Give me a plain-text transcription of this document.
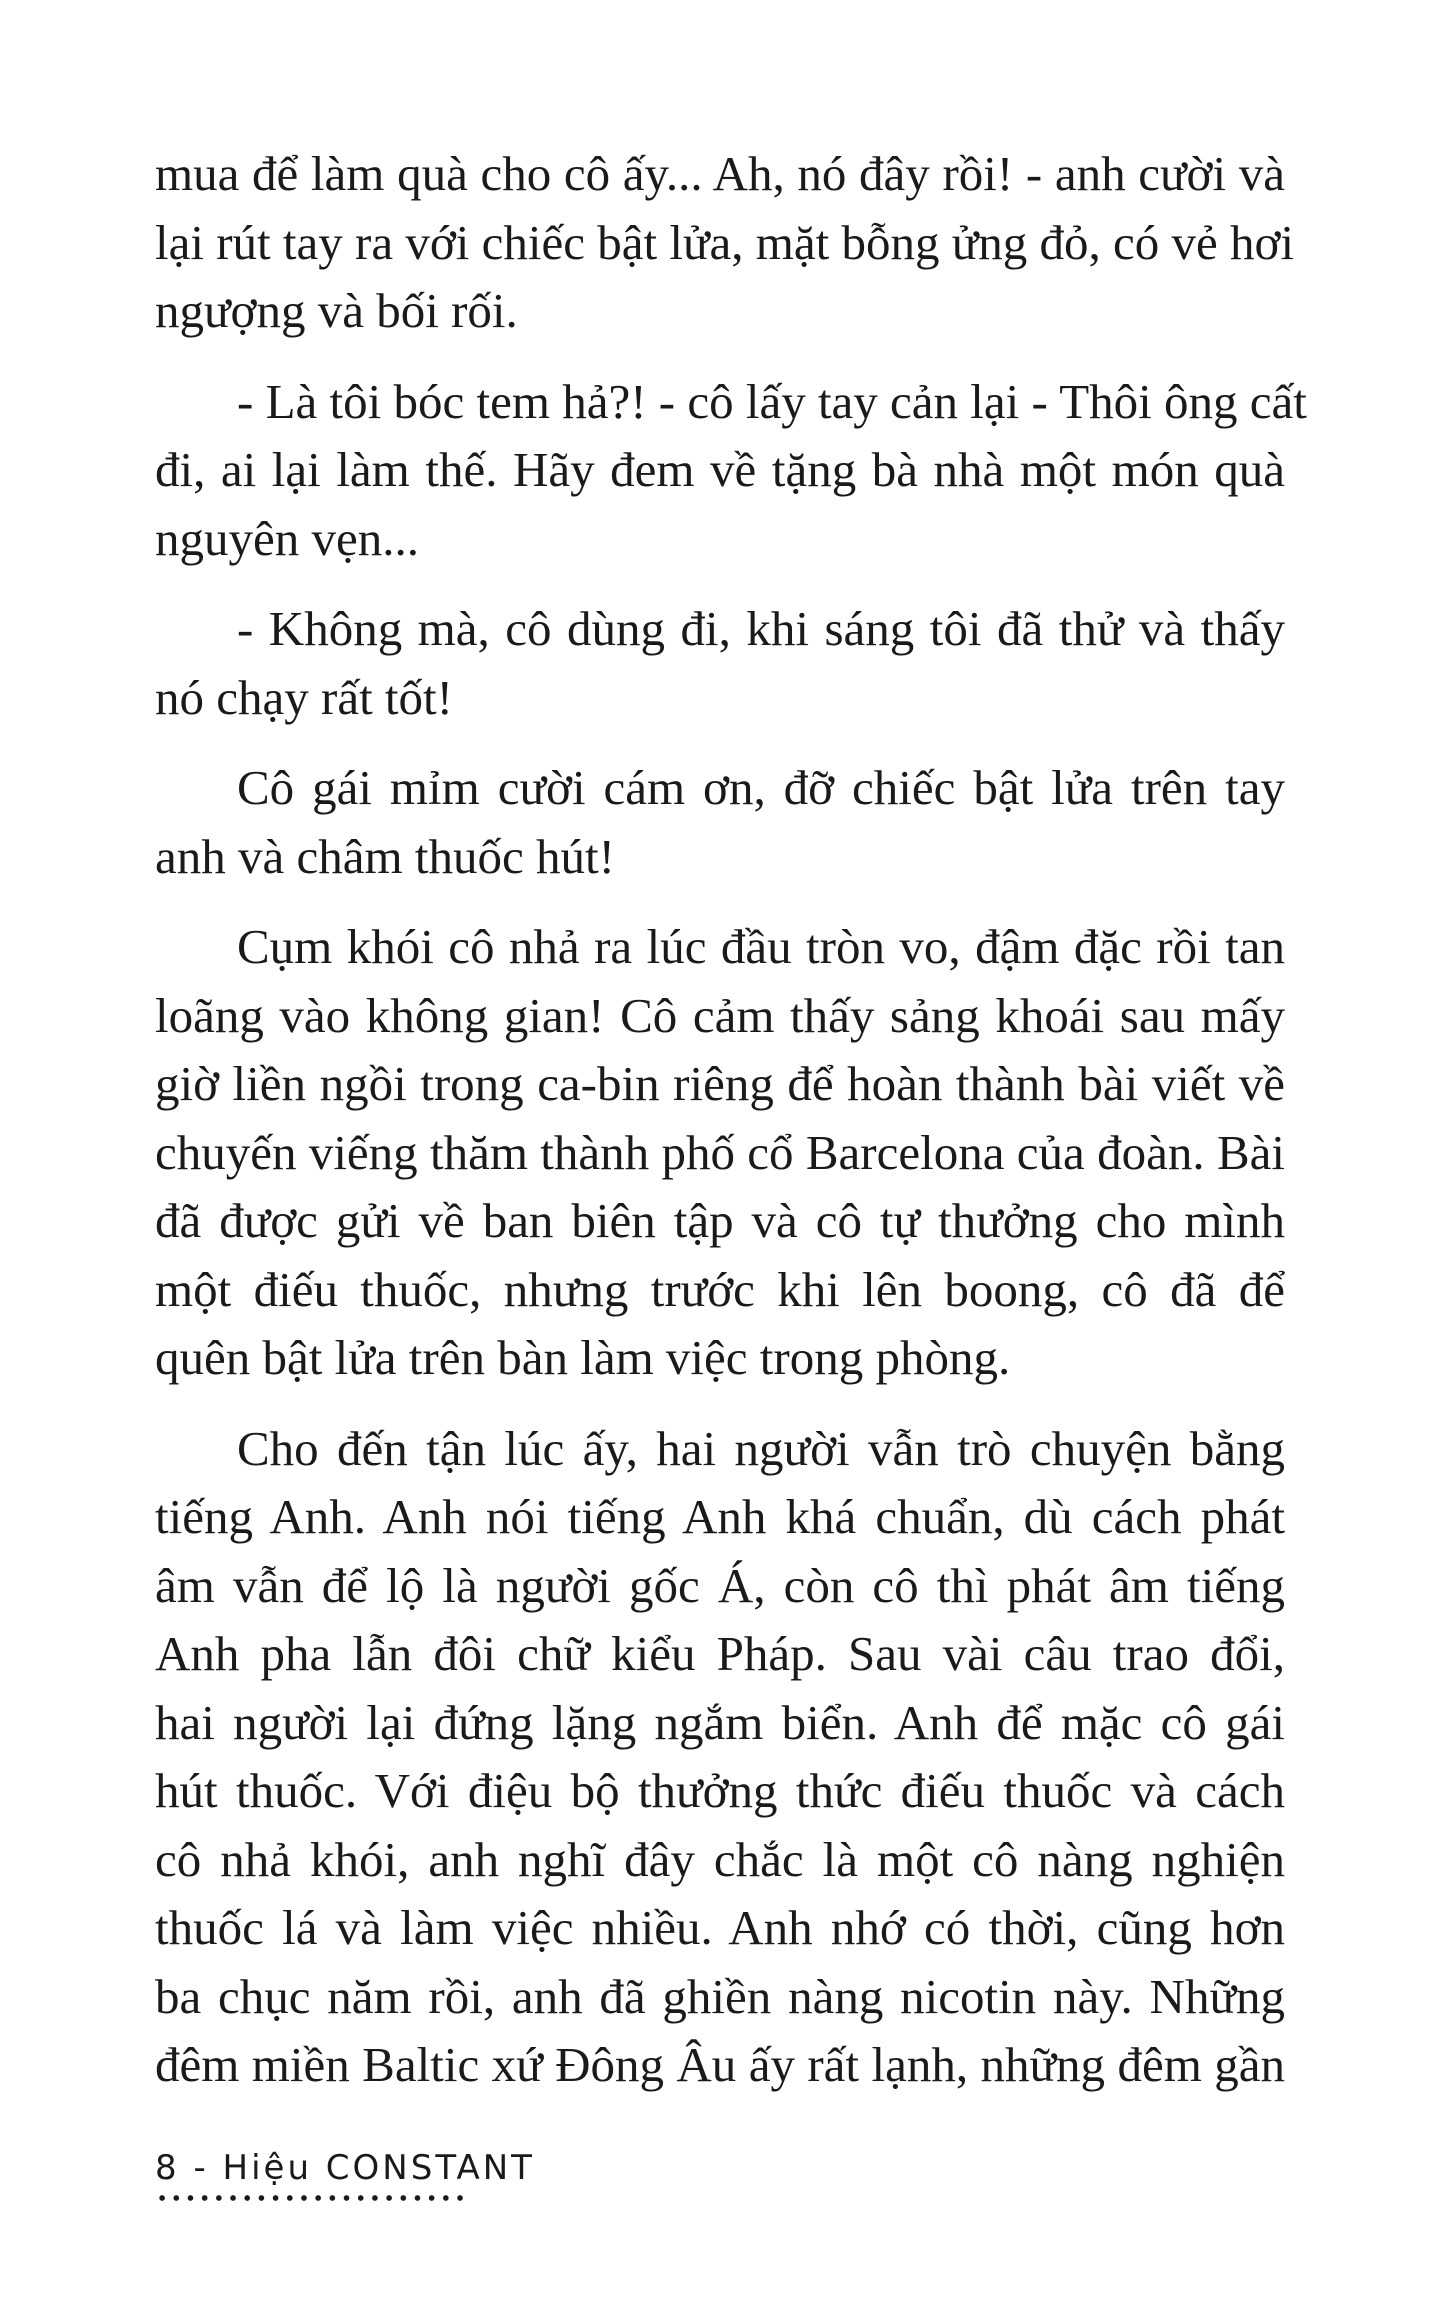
mua để làm quà cho cô ấy... Ah, nó đây rồi! - anh cười và
lại rút tay ra với chiếc bật lửa, mặt bỗng ửng đỏ, có vẻ hơi
ngượng và bối rối.

- Là tôi bóc tem hả?! - cô lấy tay cản lại - Thôi ông cất
đi, ai lại làm thế. Hãy đem về tặng bà nhà một món quà
nguyên vẹn...

- Không mà, cô dùng đi, khi sáng tôi đã thử và thấy
nó chạy rất tốt!

Cô gái mỉm cười cám ơn, đỡ chiếc bật lửa trên tay
anh và châm thuốc hút!

Cụm khói cô nhả ra lúc đầu tròn vo, đậm đặc rồi tan
loãng vào không gian! Cô cảm thấy sảng khoái sau mấy
giờ liền ngồi trong ca-bin riêng để hoàn thành bài viết về
chuyến viếng thăm thành phố cổ Barcelona của đoàn. Bài
đã được gửi về ban biên tập và cô tự thưởng cho mình
một điếu thuốc, nhưng trước khi lên boong, cô đã để
quên bật lửa trên bàn làm việc trong phòng.

Cho đến tận lúc ấy, hai người vẫn trò chuyện bằng
tiếng Anh. Anh nói tiếng Anh khá chuẩn, dù cách phát
âm vẫn để lộ là người gốc Á, còn cô thì phát âm tiếng
Anh pha lẫn đôi chữ kiểu Pháp. Sau vài câu trao đổi,
hai người lại đứng lặng ngắm biển. Anh để mặc cô gái
hút thuốc. Với điệu bộ thưởng thức điếu thuốc và cách
cô nhả khói, anh nghĩ đây chắc là một cô nàng nghiện
thuốc lá và làm việc nhiều. Anh nhớ có thời, cũng hơn
ba chục năm rồi, anh đã ghiền nàng nicotin này. Những
đêm miền Baltic xứ Đông Âu ấy rất lạnh, những đêm gần

8 - Hiệu CONSTANT
